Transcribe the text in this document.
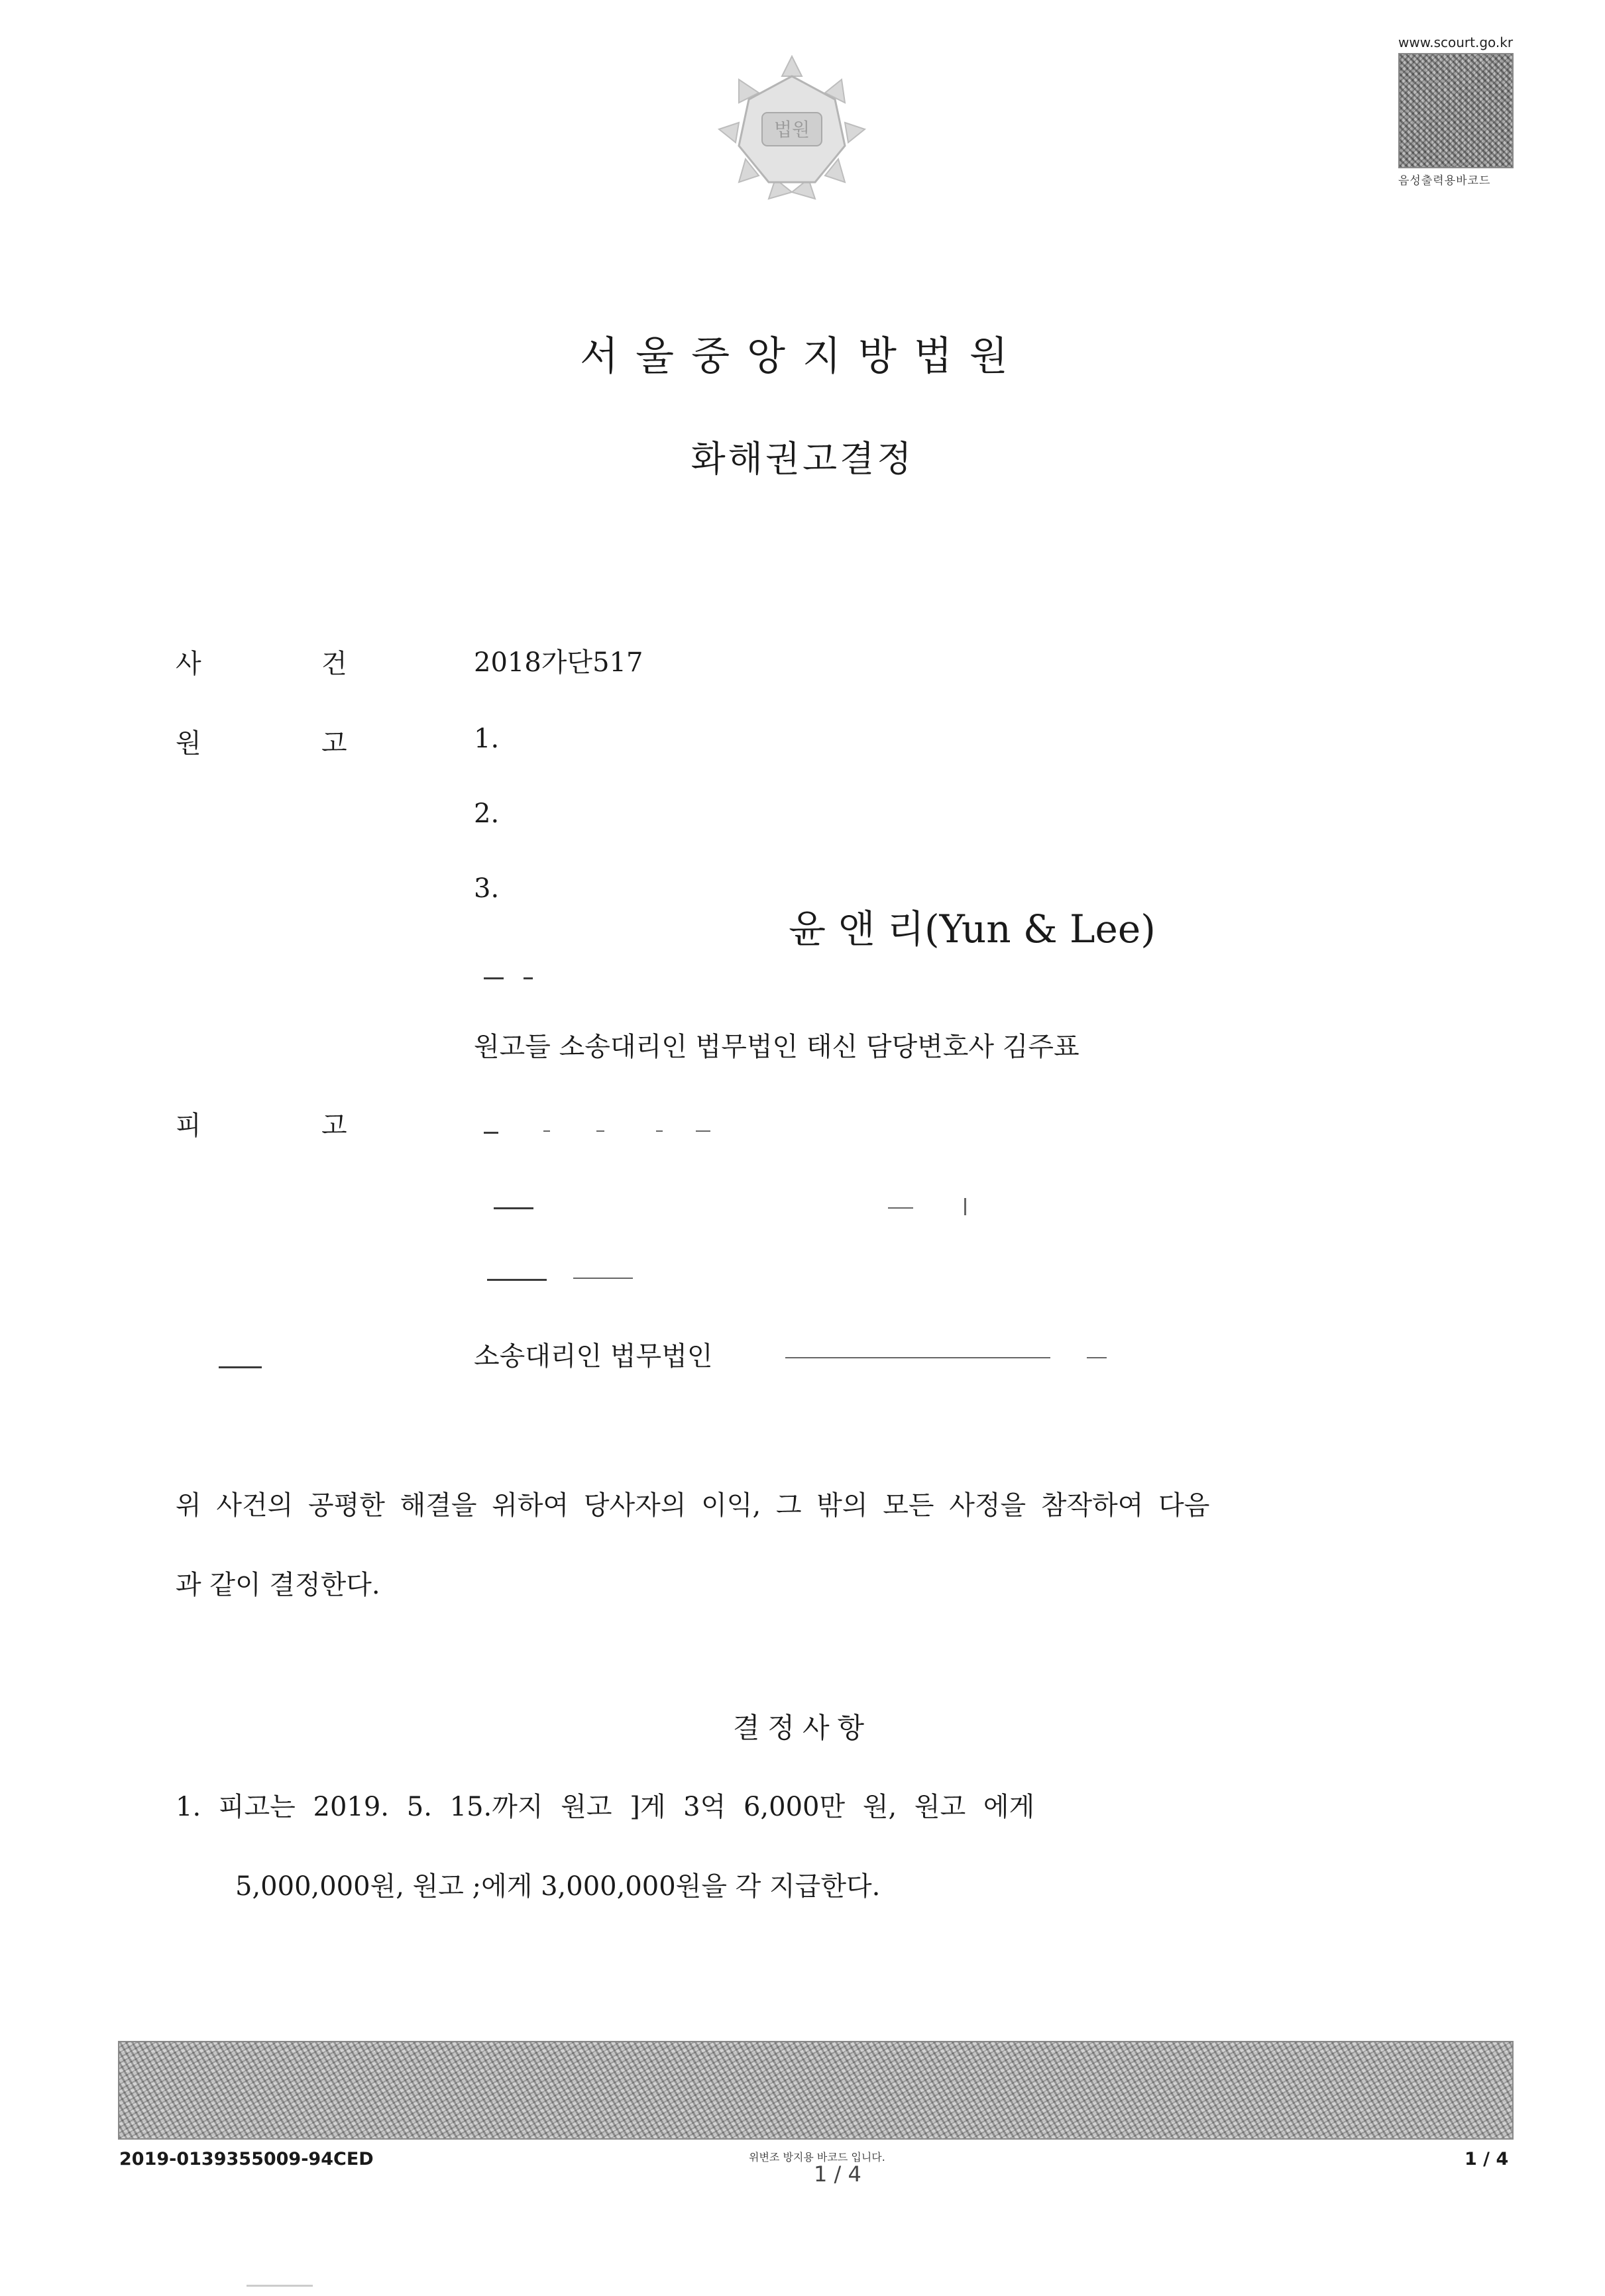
법원
www.scourt.go.kr
음성출력용바코드
서울중앙지방법원
화해권고결정
사	건	2018가단517
원	고	1.
2.
3.
윤 앤 리(Yun & Lee)
원고들 소송대리인 법무법인 태신 담당변호사 김주표
피	고
소송대리인 법무법인
위 사건의 공평한 해결을 위하여 당사자의 이익, 그 밖의 모든 사정을 참작하여 다음
과 같이 결정한다.
결정사항
1. 피고는 2019. 5. 15.까지 원고 ]게 3억 6,000만 원, 원고 에게
5,000,000원, 원고 ;에게 3,000,000원을 각 지급한다.
2019-0139355009-94CED	위변조 방지용 바코드 입니다.
1 / 4
1 / 4
